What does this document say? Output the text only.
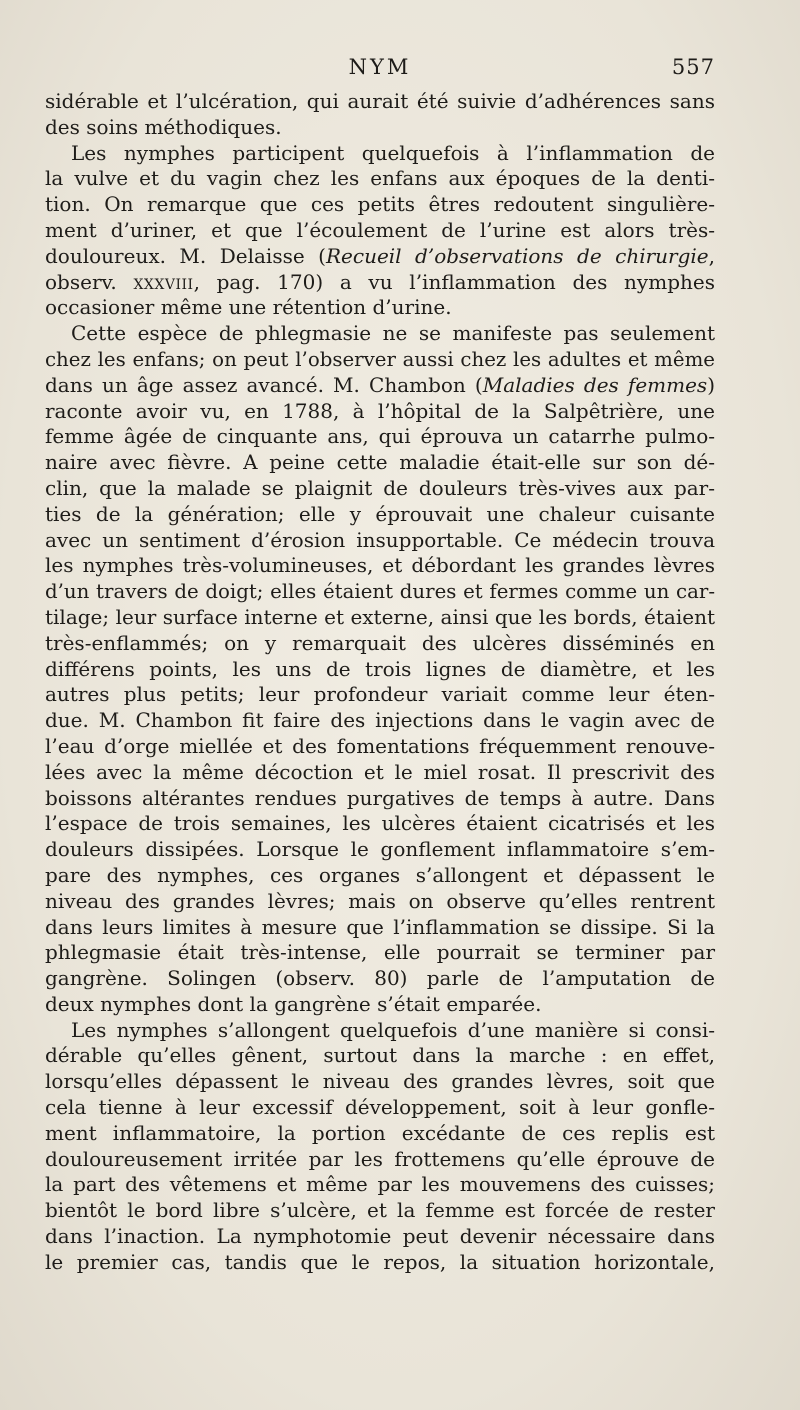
NYM	557
sidérable et l’ulcération, qui aurait été suivie d’adhérences sans
des soins méthodiques.
Les nymphes participent quelquefois à l’inflammation de
la vulve et du vagin chez les enfans aux époques de la denti-
tion. On remarque que ces petits êtres redoutent singulière-
ment d’uriner, et que l’écoulement de l’urine est alors très-
douloureux. M. Delaisse (Recueil d’observations de chirurgie,
observ. xxxviii, pag. 170) a vu l’inflammation des nymphes
occasioner même une rétention d’urine.
Cette espèce de phlegmasie ne se manifeste pas seulement
chez les enfans; on peut l’observer aussi chez les adultes et même
dans un âge assez avancé. M. Chambon (Maladies des femmes)
raconte avoir vu, en 1788, à l’hôpital de la Salpêtrière, une
femme âgée de cinquante ans, qui éprouva un catarrhe pulmo-
naire avec fièvre. A peine cette maladie était-elle sur son dé-
clin, que la malade se plaignit de douleurs très-vives aux par-
ties de la génération; elle y éprouvait une chaleur cuisante
avec un sentiment d’érosion insupportable. Ce médecin trouva
les nymphes très-volumineuses, et débordant les grandes lèvres
d’un travers de doigt; elles étaient dures et fermes comme un car-
tilage; leur surface interne et externe, ainsi que les bords, étaient
très-enflammés; on y remarquait des ulcères disséminés en
différens points, les uns de trois lignes de diamètre, et les
autres plus petits; leur profondeur variait comme leur éten-
due. M. Chambon fit faire des injections dans le vagin avec de
l’eau d’orge miellée et des fomentations fréquemment renouve-
lées avec la même décoction et le miel rosat. Il prescrivit des
boissons altérantes rendues purgatives de temps à autre. Dans
l’espace de trois semaines, les ulcères étaient cicatrisés et les
douleurs dissipées. Lorsque le gonflement inflammatoire s’em-
pare des nymphes, ces organes s’allongent et dépassent le
niveau des grandes lèvres; mais on observe qu’elles rentrent
dans leurs limites à mesure que l’inflammation se dissipe. Si la
phlegmasie était très-intense, elle pourrait se terminer par
gangrène. Solingen (observ. 80) parle de l’amputation de
deux nymphes dont la gangrène s’était emparée.
Les nymphes s’allongent quelquefois d’une manière si consi-
dérable qu’elles gênent, surtout dans la marche : en effet,
lorsqu’elles dépassent le niveau des grandes lèvres, soit que
cela tienne à leur excessif développement, soit à leur gonfle-
ment inflammatoire, la portion excédante de ces replis est
douloureusement irritée par les frottemens qu’elle éprouve de
la part des vêtemens et même par les mouvemens des cuisses;
bientôt le bord libre s’ulcère, et la femme est forcée de rester
dans l’inaction. La nymphotomie peut devenir nécessaire dans
le premier cas, tandis que le repos, la situation horizontale,
